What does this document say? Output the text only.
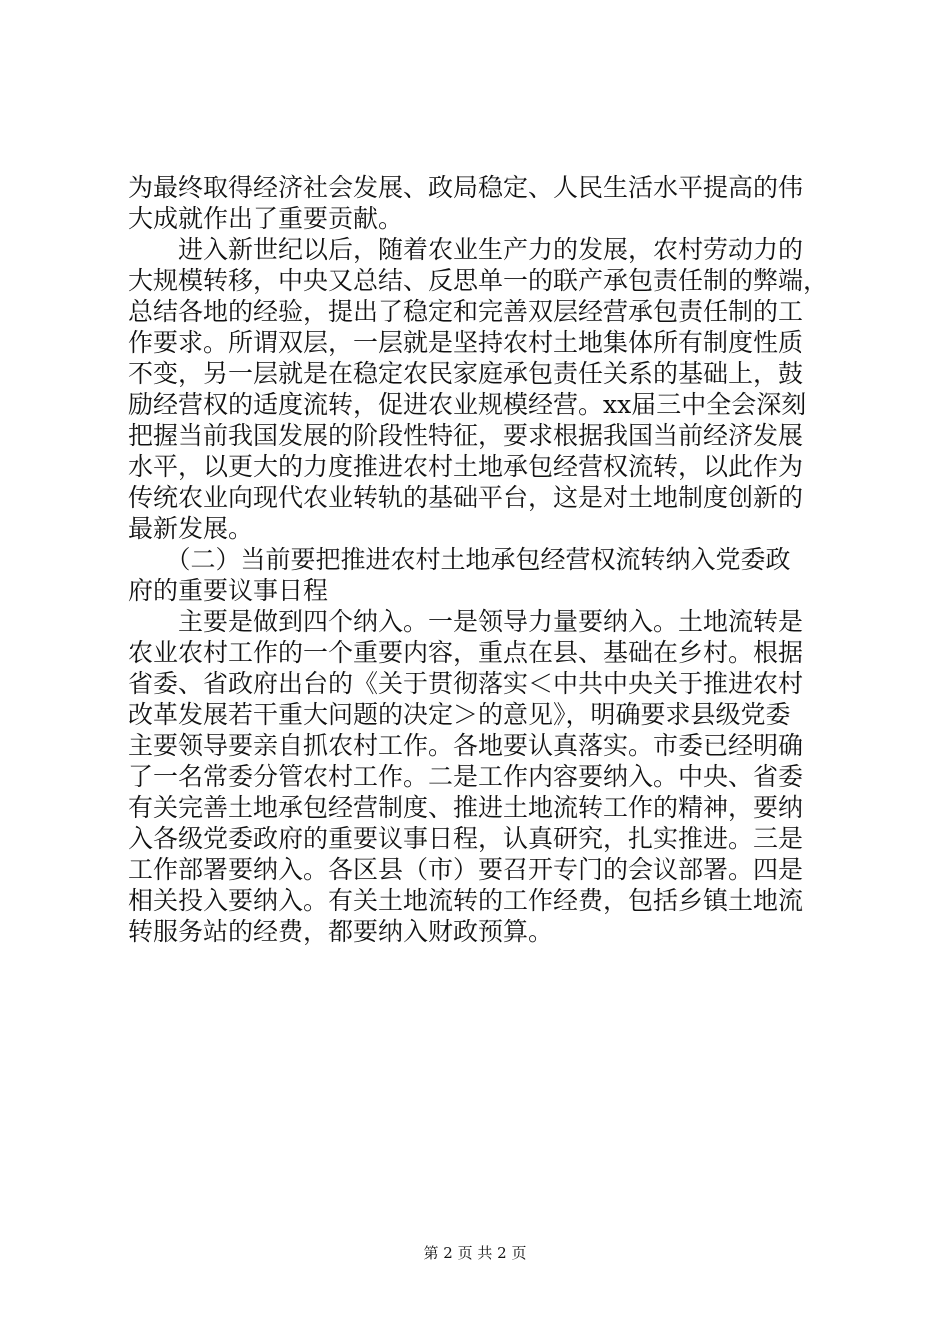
为最终取得经济社会发展、政局稳定、人民生活水平提高的伟
大成就作出了重要贡献。
　　进入新世纪以后，随着农业生产力的发展，农村劳动力的
大规模转移，中央又总结、反思单一的联产承包责任制的弊端，
总结各地的经验，提出了稳定和完善双层经营承包责任制的工
作要求。所谓双层，一层就是坚持农村土地集体所有制度性质
不变，另一层就是在稳定农民家庭承包责任关系的基础上，鼓
励经营权的适度流转，促进农业规模经营。xx届三中全会深刻
把握当前我国发展的阶段性特征，要求根据我国当前经济发展
水平，以更大的力度推进农村土地承包经营权流转，以此作为
传统农业向现代农业转轨的基础平台，这是对土地制度创新的
最新发展。
　　（二）当前要把推进农村土地承包经营权流转纳入党委政
府的重要议事日程
　　主要是做到四个纳入。一是领导力量要纳入。土地流转是
农业农村工作的一个重要内容，重点在县、基础在乡村。根据
省委、省政府出台的《关于贯彻落实＜中共中央关于推进农村
改革发展若干重大问题的决定＞的意见》，明确要求县级党委
主要领导要亲自抓农村工作。各地要认真落实。市委已经明确
了一名常委分管农村工作。二是工作内容要纳入。中央、省委
有关完善土地承包经营制度、推进土地流转工作的精神，要纳
入各级党委政府的重要议事日程，认真研究，扎实推进。三是
工作部署要纳入。各区县（市）要召开专门的会议部署。四是
相关投入要纳入。有关土地流转的工作经费，包括乡镇土地流
转服务站的经费，都要纳入财政预算。
第 2 页 共 2 页
